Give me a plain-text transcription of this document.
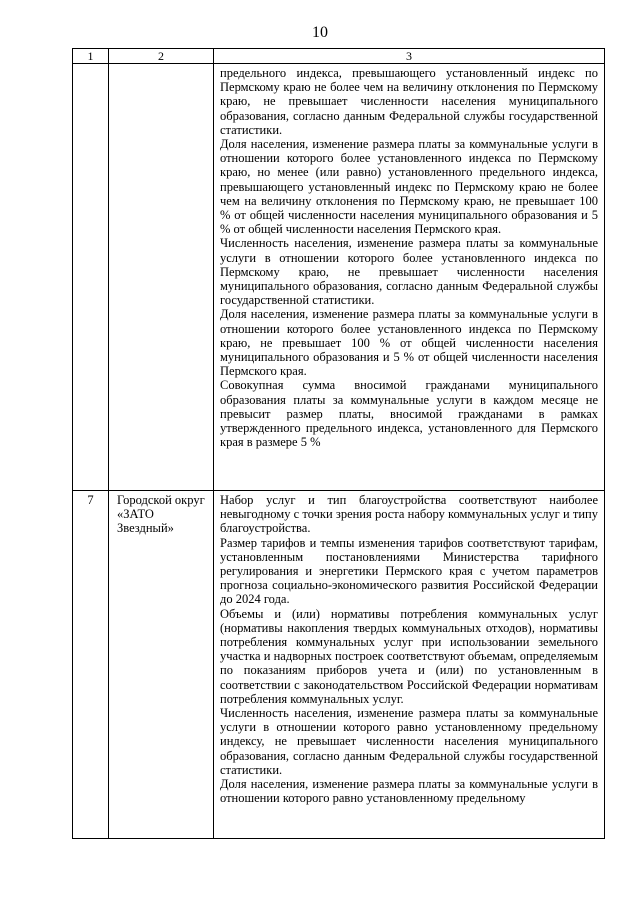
10
1	2	3

		предельного индекса, превышающего установленный индекс по Пермскому краю не более чем на величину отклонения по Пермскому краю, не превышает численности населения муниципального образования, согласно данным Федеральной службы государственной статистики.

Доля населения, изменение размера платы за коммунальные услуги в отношении которого более установленного индекса по Пермскому краю, но менее (или равно) установленного предельного индекса, превышающего установленный индекс по Пермскому краю не более чем на величину отклонения по Пермскому краю, не превышает 100 % от общей численности населения муниципального образования и 5 % от общей численности населения Пермского края.

Численность населения, изменение размера платы за коммунальные услуги в отношении которого более установленного индекса по Пермскому краю, не превышает численности населения муниципального образования, согласно данным Федеральной службы государственной статистики.

Доля населения, изменение размера платы за коммунальные услуги в отношении которого более установленного индекса по Пермскому краю, не превышает 100 % от общей численности населения муниципального образования и 5 % от общей численности населения Пермского края.

Совокупная сумма вносимой гражданами муниципального образования платы за коммунальные услуги в каждом месяце не превысит размер платы, вносимой гражданами в рамках утвержденного предельного индекса, установленного для Пермского края в размере 5 %

7	Городской округ «ЗАТО Звездный»	Набор услуг и тип благоустройства соответствуют наиболее невыгодному с точки зрения роста набору коммунальных услуг и типу благоустройства.

Размер тарифов и темпы изменения тарифов соответствуют тарифам, установленным постановлениями Министерства тарифного регулирования и энергетики Пермского края с учетом параметров прогноза социально-экономического развития Российской Федерации до 2024 года.

Объемы и (или) нормативы потребления коммунальных услуг (нормативы накопления твердых коммунальных отходов), нормативы потребления коммунальных услуг при использовании земельного участка и надворных построек соответствуют объемам, определяемым по показаниям приборов учета и (или) по установленным в соответствии с законодательством Российской Федерации нормативам потребления коммунальных услуг.

Численность населения, изменение размера платы за коммунальные услуги в отношении которого равно установленному предельному индексу, не превышает численности населения муниципального образования, согласно данным Федеральной службы государственной статистики.

Доля населения, изменение размера платы за коммунальные услуги в отношении которого равно установленному предельному
